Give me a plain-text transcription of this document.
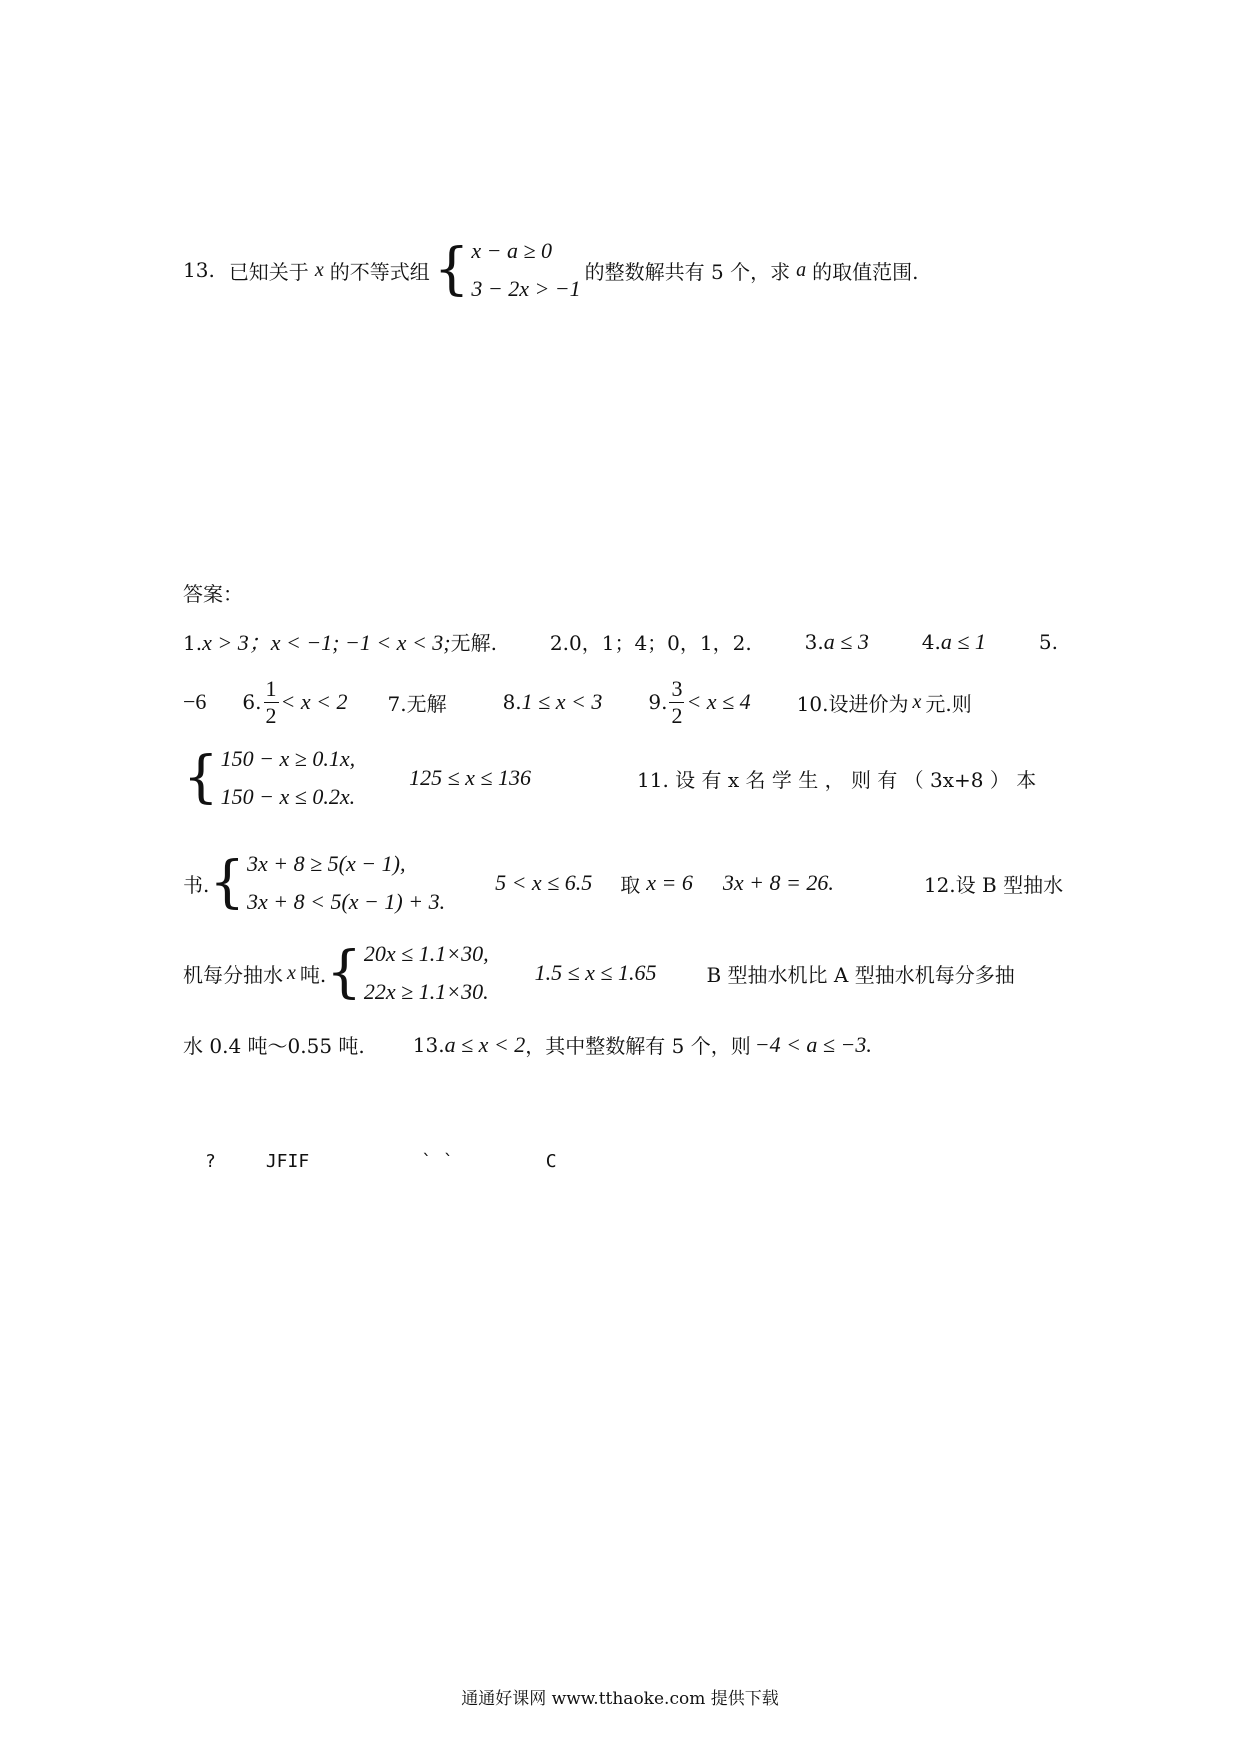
13. 已知关于 x 的不等式组 { x − a ≥ 0
3 − 2x > −1
的整数解共有 5 个，求 a 的取值范围.
答案：
1.x > 3；x < −1; −1 < x < 3;无解.	2.0，1；4；0，1，2.	3.a ≤ 3	4.a ≤ 1	5.
−6 6. $\frac{1}{2} < x < 2$ 7.无解	8. 1 ≤ x < 3 9. $\frac{3}{2} < x \le 4$ 10.设进价为 x 元.则
{ 150 − x ≥ 0.1x,
150 − x ≤ 0.2x.
125 ≤ x ≤ 136	11. 设 有 x 名 学 生 ， 则 有 （ 3x+8 ） 本
书. { 3x + 8 ≥ 5(x − 1),
3x + 8 < 5(x − 1) + 3.
5 < x ≤ 6.5 取 x = 6 3x + 8 = 26.	12.设 B 型抽水
机每分抽水 x 吨. { 20x ≤ 1.1×30,
22x ≥ 1.1×30.
1.5 ≤ x ≤ 1.65	B 型抽水机比 A 型抽水机每分多抽
水 0.4 吨～0.55 吨. 13. a ≤ x < 2 ，其中整数解有 5 个，则 −4 < a ≤ −3.
?	JFIF	` `	C
通通好课网 www.tthaoke.com 提供下载
